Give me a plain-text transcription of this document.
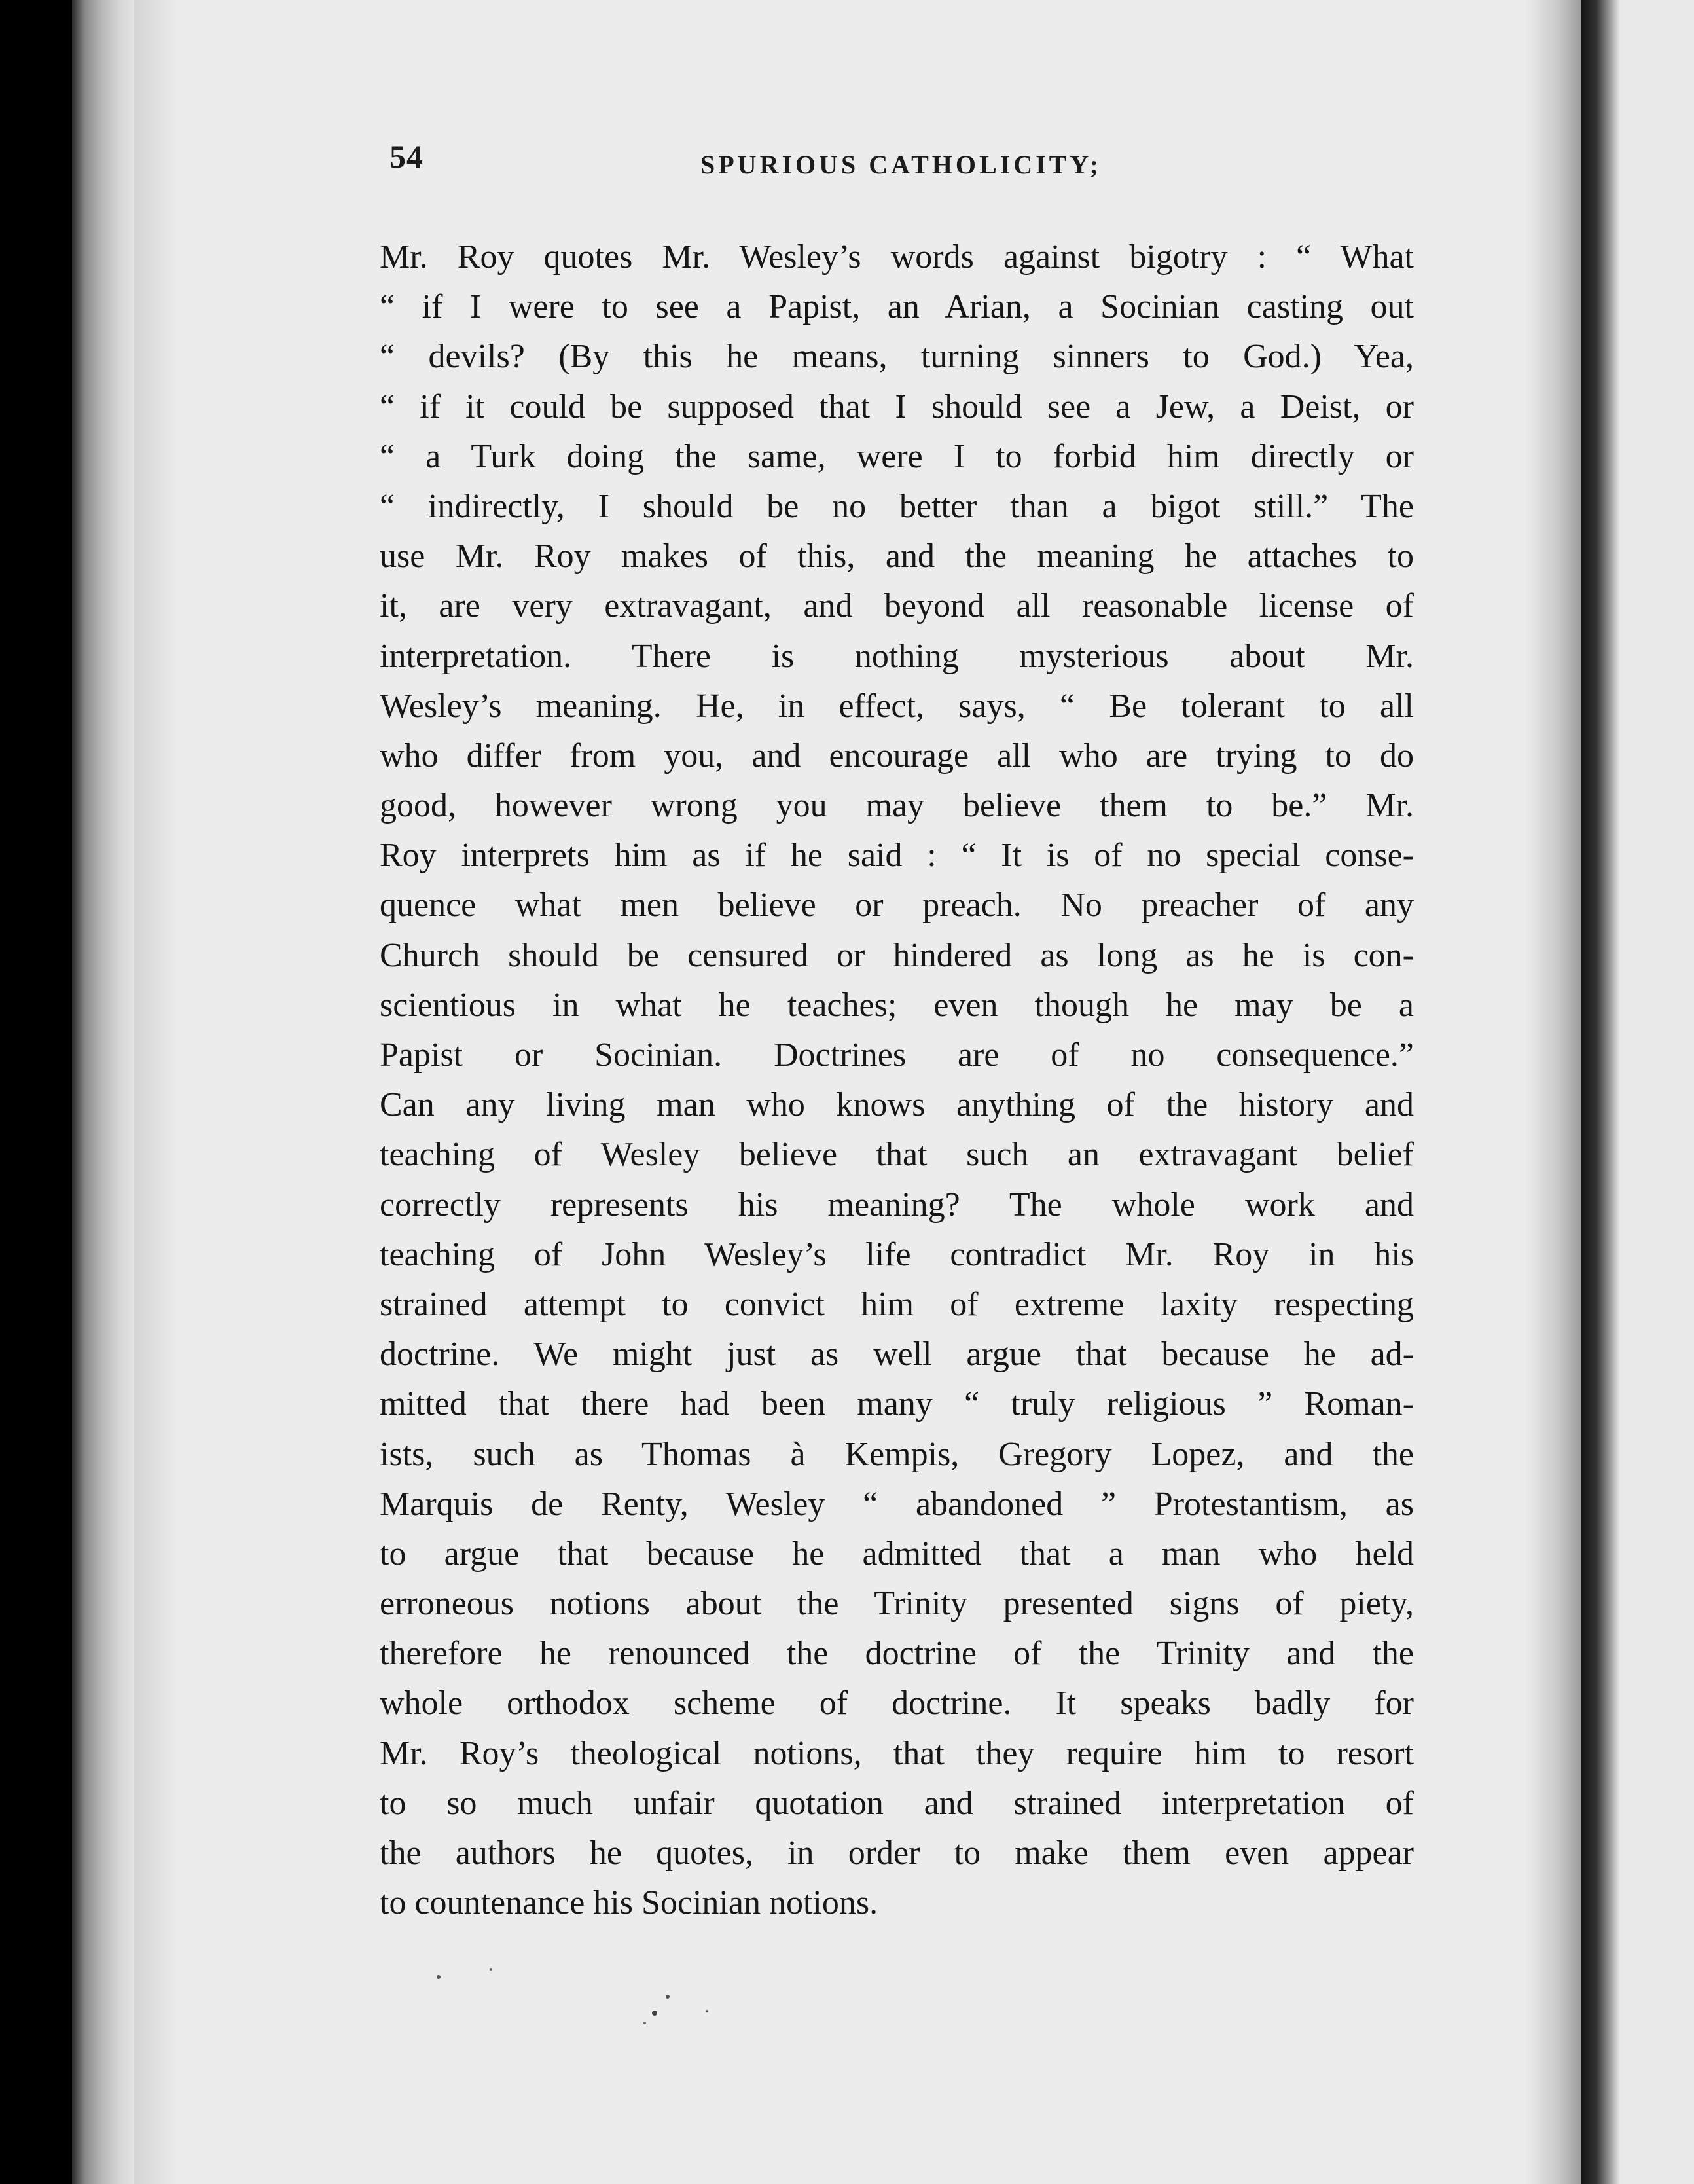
54	SPURIOUS CATHOLICITY;
Mr. Roy quotes Mr. Wesley’s words against bigotry : “ What
“ if I were to see a Papist, an Arian, a Socinian casting out
“ devils? (By this he means, turning sinners to God.) Yea,
“ if it could be supposed that I should see a Jew, a Deist, or
“ a Turk doing the same, were I to forbid him directly or
“ indirectly, I should be no better than a bigot still.” The
use Mr. Roy makes of this, and the meaning he attaches to
it, are very extravagant, and beyond all reasonable license of
interpretation. There is nothing mysterious about Mr.
Wesley’s meaning. He, in effect, says, “ Be tolerant to all
who differ from you, and encourage all who are trying to do
good, however wrong you may believe them to be.” Mr.
Roy interprets him as if he said : “ It is of no special conse-
quence what men believe or preach. No preacher of any
Church should be censured or hindered as long as he is con-
scientious in what he teaches; even though he may be a
Papist or Socinian. Doctrines are of no consequence.”
Can any living man who knows anything of the history and
teaching of Wesley believe that such an extravagant belief
correctly represents his meaning? The whole work and
teaching of John Wesley’s life contradict Mr. Roy in his
strained attempt to convict him of extreme laxity respecting
doctrine. We might just as well argue that because he ad-
mitted that there had been many “ truly religious ” Roman-
ists, such as Thomas à Kempis, Gregory Lopez, and the
Marquis de Renty, Wesley “ abandoned ” Protestantism, as
to argue that because he admitted that a man who held
erroneous notions about the Trinity presented signs of piety,
therefore he renounced the doctrine of the Trinity and the
whole orthodox scheme of doctrine. It speaks badly for
Mr. Roy’s theological notions, that they require him to resort
to so much unfair quotation and strained interpretation of
the authors he quotes, in order to make them even appear
to countenance his Socinian notions.
